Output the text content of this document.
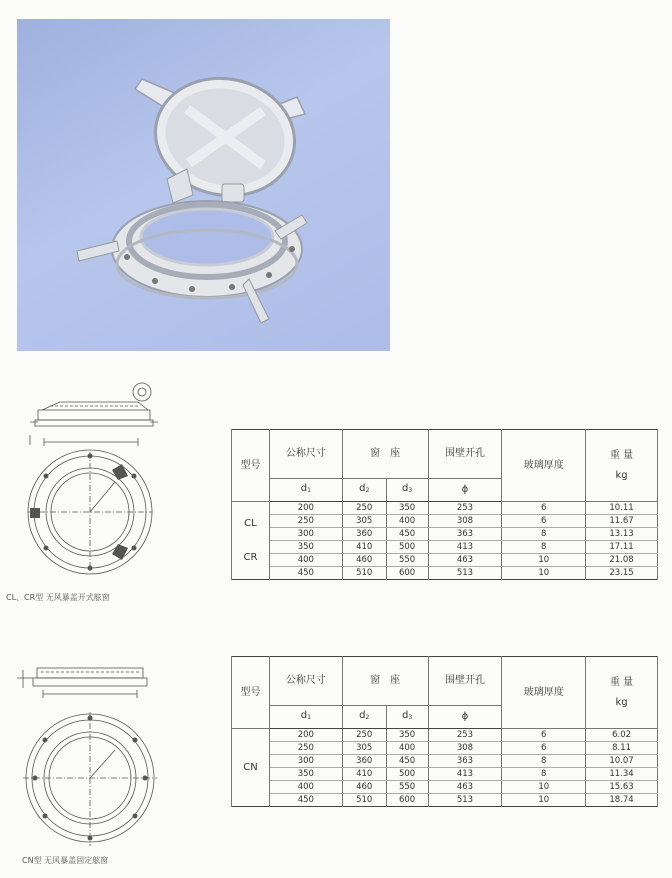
CL、CR型 无风暴盖开式舷窗
型号	公称尺寸	窗　座		围壁开孔	玻璃厚度	重 量
kg

	$d_1$	$d_2$	$d_3$	ϕ		

CL
CR	200	250	350	253	6	10.11
	250	305	400	308	6	11.67
	300	360	450	363	8	13.13
	350	410	500	413	8	17.11
	400	460	550	463	10	21.08
	450	510	600	513	10	23.15
CN型 无风暴盖固定舷窗
型号	公称尺寸	窗　座		围壁开孔	玻璃厚度	重 量
kg

	$d_1$	$d_2$	$d_3$	ϕ		

CN	200	250	350	253	6	6.02
	250	305	400	308	6	8.11
	300	360	450	363	8	10.07
	350	410	500	413	8	11.34
	400	460	550	463	10	15.63
	450	510	600	513	10	18.74
